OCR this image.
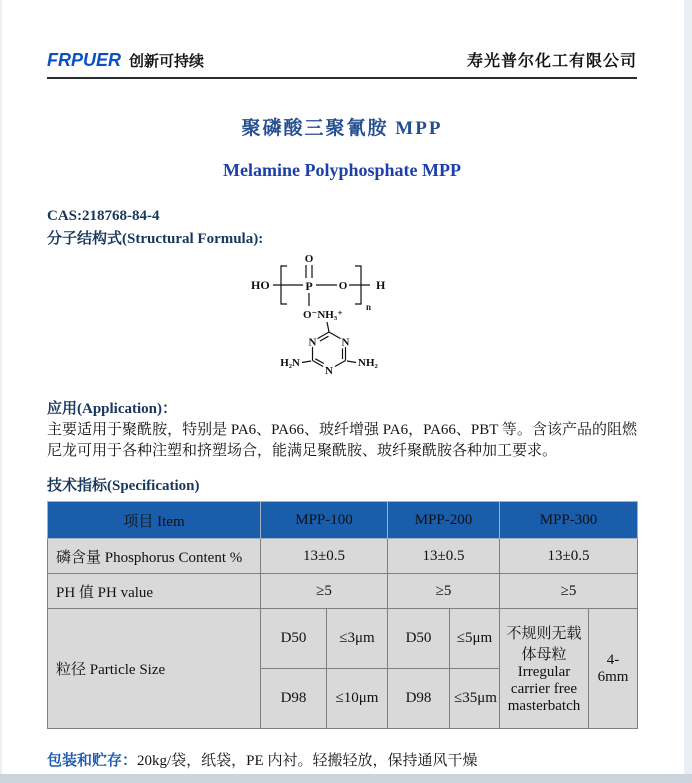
FRPUER 创新可持续	寿光普尔化工有限公司
聚磷酸三聚氰胺 MPP
Melamine Polyphosphate MPP
CAS:218768-84-4
分子结构式(Structural Formula):
HO	P
O
O
n
H
O⁻NH₃⁺
N N
N
H₂N	NH₂
应用(Application)：
主要适用于聚酰胺，特别是 PA6、PA66、玻纤增强 PA6，PA66、PBT 等。含该产品的阻燃尼龙可用于各种注塑和挤塑场合，能满足聚酰胺、玻纤聚酰胺各种加工要求。
技术指标(Specification)
项目 Item	MPP-100		MPP-200		MPP-300	
磷含量 Phosphorus Content %	13±0.5		13±0.5		13±0.5	
PH 值 PH value	≥5		≥5		≥5	
粒径 Particle Size	D50	≤3μm	D50	≤5μm	不规则无载体母粒 Irregular carrier free masterbatch	4-6mm
	D98	≤10μm	D98	≤35μm		
包装和贮存：20kg/袋，纸袋，PE 内衬。轻搬轻放，保持通风干燥
